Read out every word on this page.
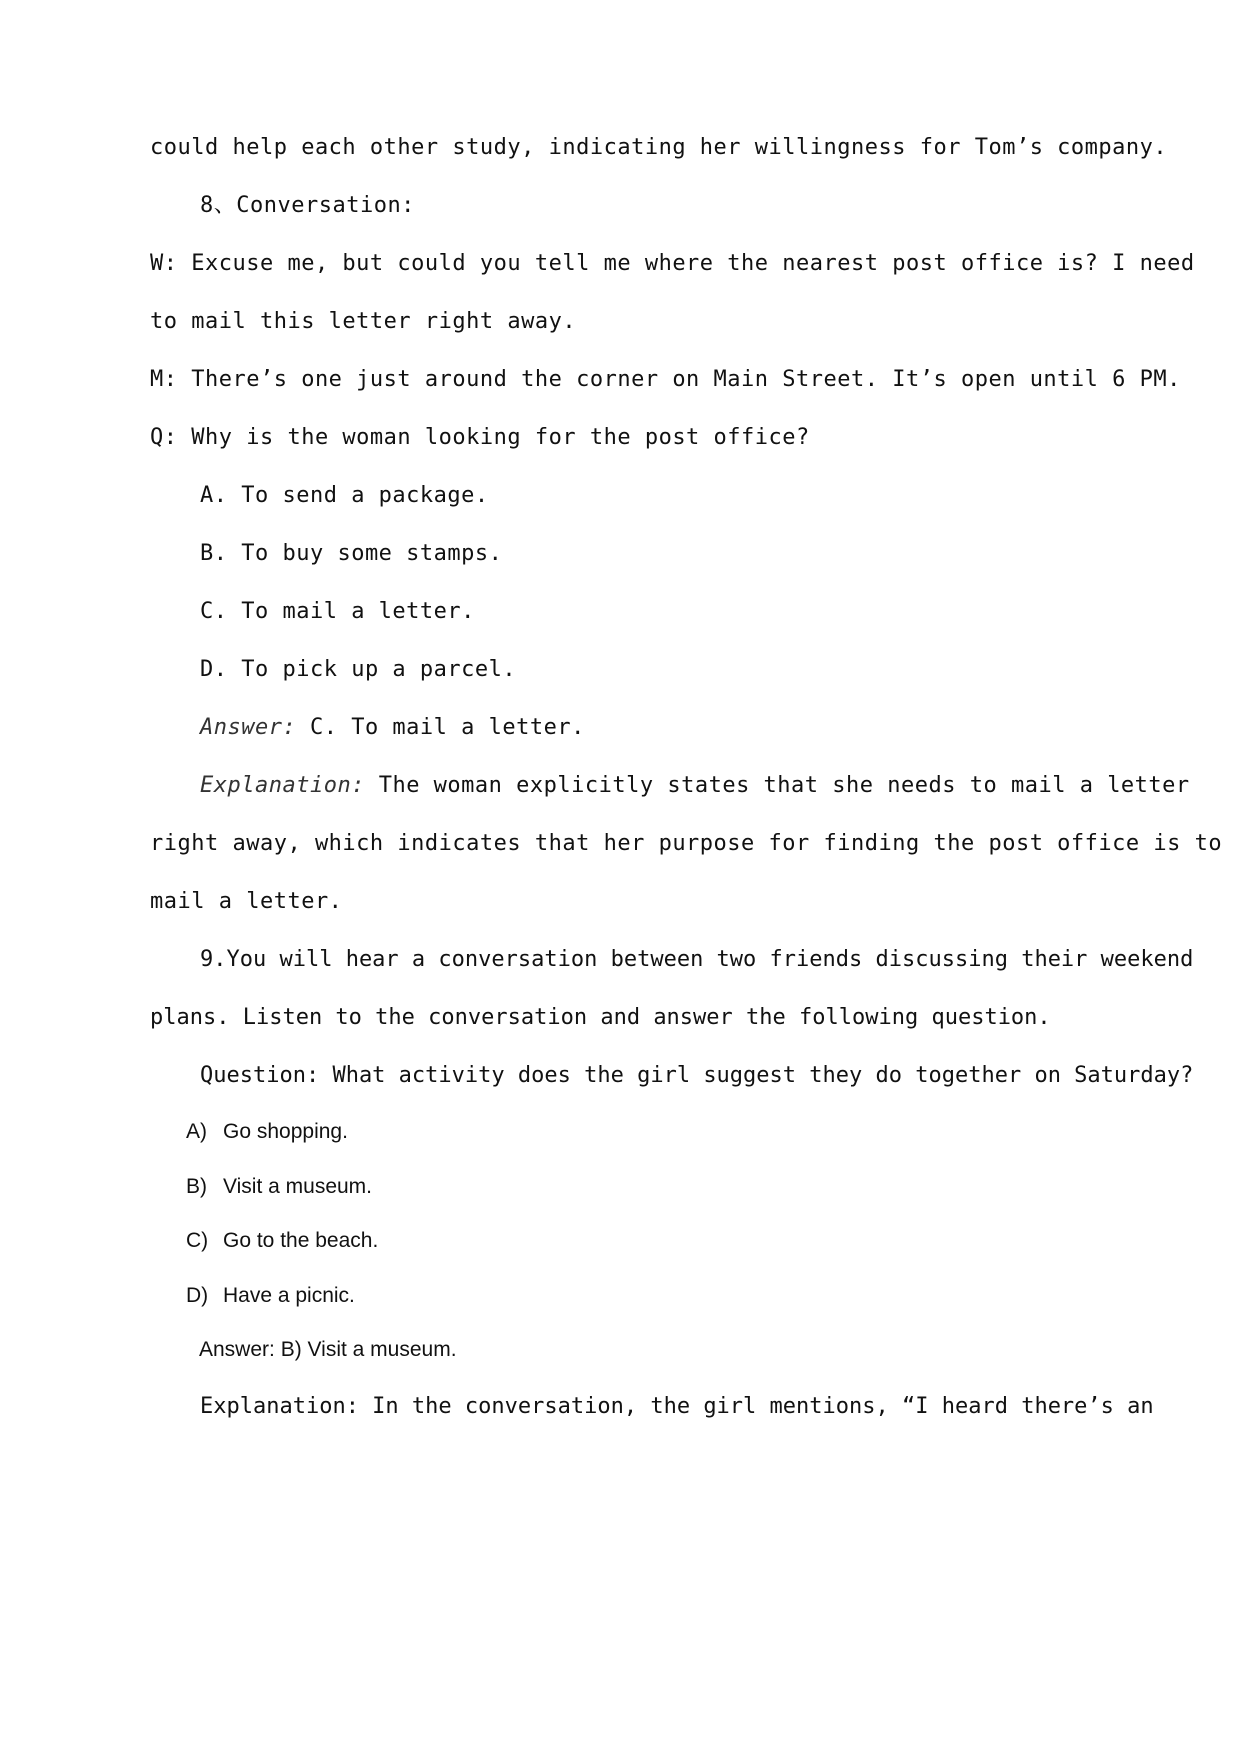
could help each other study, indicating her willingness for Tom’s company.
8、Conversation:
W: Excuse me, but could you tell me where the nearest post office is? I need
to mail this letter right away.
M: There’s one just around the corner on Main Street. It’s open until 6 PM.
Q: Why is the woman looking for the post office?
A. To send a package.
B. To buy some stamps.
C. To mail a letter.
D. To pick up a parcel.
Answer: C. To mail a letter.
Explanation: The woman explicitly states that she needs to mail a letter
right away, which indicates that her purpose for finding the post office is to
mail a letter.
9.You will hear a conversation between two friends discussing their weekend
plans. Listen to the conversation and answer the following question.
Question: What activity does the girl suggest they do together on Saturday?
A) Go shopping.
B) Visit a museum.
C) Go to the beach.
D) Have a picnic.
Answer: B) Visit a museum.
Explanation: In the conversation, the girl mentions, “I heard there’s an
